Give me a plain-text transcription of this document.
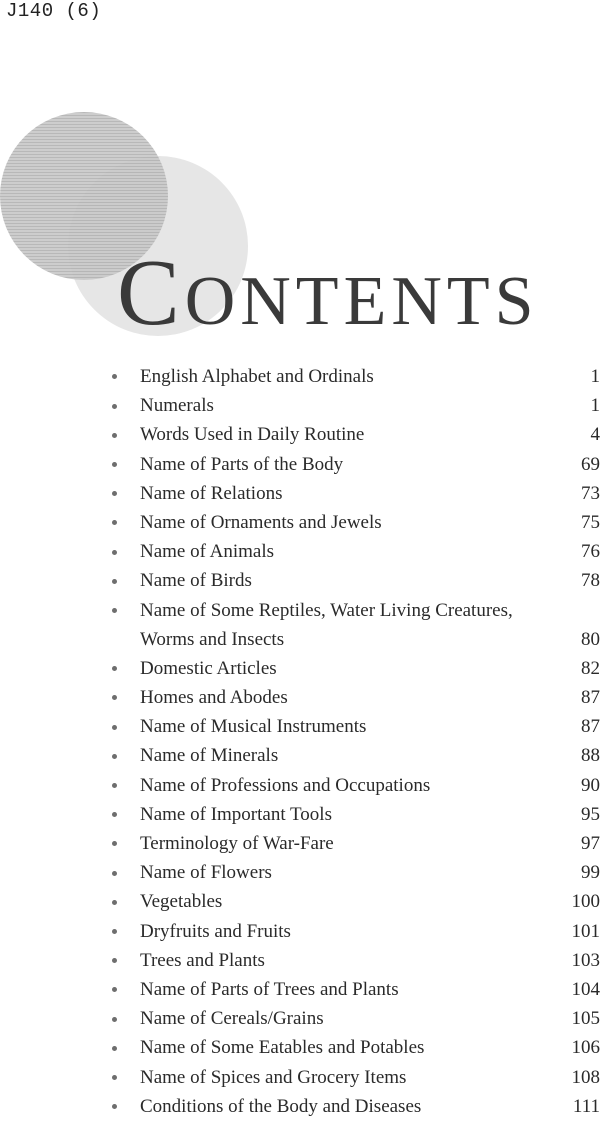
J140 (6)
CONTENTS
English Alphabet and Ordinals	1
Numerals	1
Words Used in Daily Routine	4
Name of Parts of the Body	69
Name of Relations	73
Name of Ornaments and Jewels	75
Name of Animals	76
Name of Birds	78
Name of Some Reptiles, Water Living Creatures, Worms and Insects	80
Domestic Articles	82
Homes and Abodes	87
Name of Musical Instruments	87
Name of Minerals	88
Name of Professions and Occupations	90
Name of Important Tools	95
Terminology of War-Fare	97
Name of Flowers	99
Vegetables	100
Dryfruits and Fruits	101
Trees and Plants	103
Name of Parts of Trees and Plants	104
Name of Cereals/Grains	105
Name of Some Eatables and Potables	106
Name of Spices and Grocery Items	108
Conditions of the Body and Diseases	111
